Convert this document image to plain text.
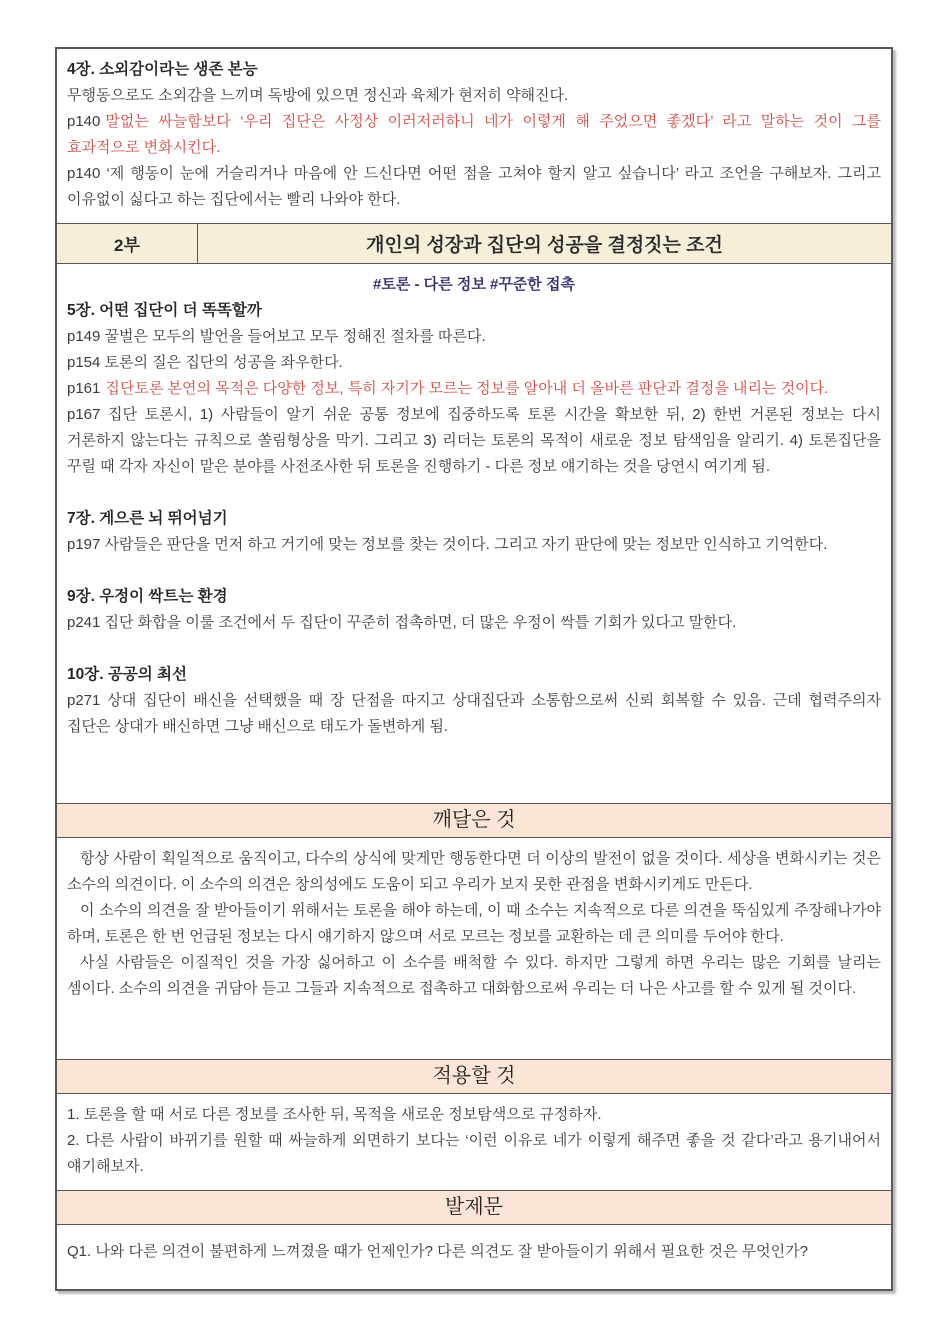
4장. 소외감이라는 생존 본능

무행동으로도 소외감을 느끼며 독방에 있으면 정신과 육체가 현저히 약해진다.

p140 말없는 싸늘함보다 ‘우리 집단은 사정상 이러저러하니 네가 이렇게 해 주었으면 좋겠다’ 라고 말하는 것이 그를 효과적으로 변화시킨다.

p140 ‘제 행동이 눈에 거슬리거나 마음에 안 드신다면 어떤 점을 고쳐야 할지 알고 싶습니다’ 라고 조언을 구해보자. 그리고 이유없이 싫다고 하는 집단에서는 빨리 나와야 한다.

2부	개인의 성장과 집단의 성공을 결정짓는 조건

#토론 - 다른 정보 #꾸준한 접촉

5장. 어떤 집단이 더 똑똑할까

p149 꿀벌은 모두의 발언을 들어보고 모두 정해진 절차를 따른다.

p154 토론의 질은 집단의 성공을 좌우한다.

p161 집단토론 본연의 목적은 다양한 정보, 특히 자기가 모르는 정보를 알아내 더 올바른 판단과 결정을 내리는 것이다.

p167 집단 토론시, 1) 사람들이 알기 쉬운 공통 정보에 집중하도록 토론 시간을 확보한 뒤, 2) 한번 거론된 정보는 다시 거론하지 않는다는 규칙으로 쏠림형상을 막기. 그리고 3) 리더는 토론의 목적이 새로운 정보 탐색임을 알리기. 4) 토론집단을 꾸릴 때 각자 자신이 맡은 분야를 사전조사한 뒤 토론을 진행하기 - 다른 정보 얘기하는 것을 당연시 여기게 됨.

7장. 게으른 뇌 뛰어넘기

p197 사람들은 판단을 먼저 하고 거기에 맞는 정보를 찾는 것이다. 그리고 자기 판단에 맞는 정보만 인식하고 기억한다.

9장. 우정이 싹트는 환경

p241 집단 화합을 이룰 조건에서 두 집단이 꾸준히 접촉하면, 더 많은 우정이 싹틀 기회가 있다고 말한다.

10장. 공공의 최선

p271 상대 집단이 배신을 선택했을 때 장 단점을 따지고 상대집단과 소통함으로써 신뢰 회복할 수 있음. 근데 협력주의자 집단은 상대가 배신하면 그냥 배신으로 태도가 돌변하게 됨.

깨달은 것

항상 사람이 획일적으로 움직이고, 다수의 상식에 맞게만 행동한다면 더 이상의 발전이 없을 것이다. 세상을 변화시키는 것은 소수의 의견이다. 이 소수의 의견은 창의성에도 도움이 되고 우리가 보지 못한 관점을 변화시키게도 만든다.

이 소수의 의견을 잘 받아들이기 위해서는 토론을 해야 하는데, 이 때 소수는 지속적으로 다른 의견을 뚝심있게 주장해나가야 하며, 토론은 한 번 언급된 정보는 다시 얘기하지 않으며 서로 모르는 정보를 교환하는 데 큰 의미를 두어야 한다.

사실 사람들은 이질적인 것을 가장 싫어하고 이 소수를 배척할 수 있다. 하지만 그렇게 하면 우리는 많은 기회를 날리는 셈이다. 소수의 의견을 귀담아 듣고 그들과 지속적으로 접촉하고 대화함으로써 우리는 더 나은 사고를 할 수 있게 될 것이다.

적용할 것

1. 토론을 할 때 서로 다른 정보를 조사한 뒤, 목적을 새로운 정보탐색으로 규정하자.

2. 다른 사람이 바뀌기를 원할 때 싸늘하게 외면하기 보다는 ‘이런 이유로 네가 이렇게 해주면 좋을 것 같다’라고 용기내어서 얘기해보자.

발제문

Q1. 나와 다른 의견이 불편하게 느껴졌을 때가 언제인가? 다른 의견도 잘 받아들이기 위해서 필요한 것은 무엇인가?
